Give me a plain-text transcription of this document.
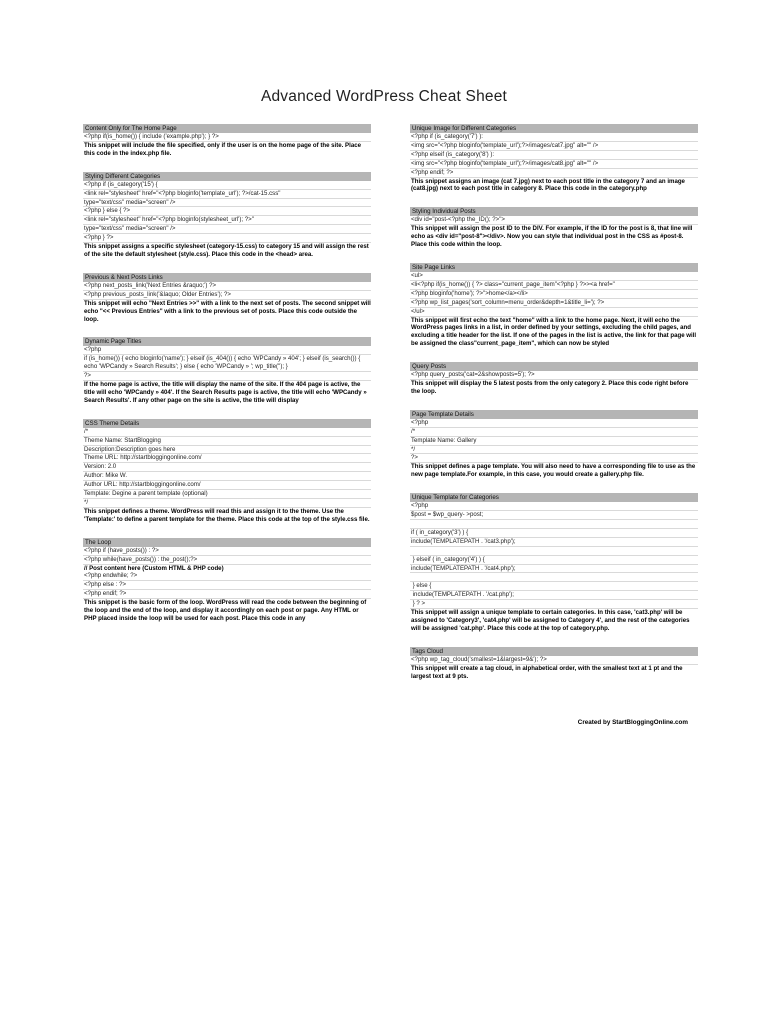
Advanced WordPress Cheat Sheet
Content Only for The Home Page
<?php if(is_home()) { include ('example.php'); } ?>
This snippet will include the file specified, only if the user is on the home page of the site. Place this code in the index.php file.
Styling Different Categories
<?php if (is_category('15') {
<link rel="stylesheet" href="<?php bloginfo('template_url'); ?>/cat-15.css"
type="text/css" media="screen" />
<?php } else { ?>
<link rel="stylesheet" href="<?php bloginfo(stylesheet_url'); ?>"
type="text/css" media="screen" />
<?php } ?>
This snippet assigns a specific stylesheet (category-15.css) to category 15 and will assign the rest of the site the default stylesheet (style.css). Place this code in the <head> area.
Previous & Next Posts Links
<?php next_posts_link('Next Entries &raquo;') ?>
<?php previous_posts_link('&laquo; Older Entries'); ?>
This snippet will echo "Next Entries >>" with a link to the next set of posts. The second snippet will echo "<< Previous Entries" with a link to the previous set of posts. Place this code outside the loop.
Dynamic Page Titles
<?php
if (is_home()) { echo bloginfo('name'); } elseif (is_404()) { echo 'WPCandy » 404'; } elseif (is_search()) { echo 'WPCandy » Search Results'; } else { echo 'WPCandy » '; wp_title(''); }
?>
If the home page is active, the title will display the name of the site. If the 404 page is active, the title will echo 'WPCandy » 404'. If the Search Results page is active, the title will echo 'WPCandy » Search Results'. If any other page on the site is active, the title will display
CSS Theme Details
/*
Theme Name: StartBlogging
Description:Description goes here
Theme URL: http://startbloggingonline.com/
Version: 2.0
Author: Mike W.
Author URL: http://startbloggingonline.com/
Template: Degine a parent template (optional)
*/
This snippet defines a theme. WordPress will read this and assign it to the theme. Use the 'Template:' to define a parent template for the theme. Place this code at the top of the style.css file.
The Loop
<?php if (have_posts()) : ?>
<?php while(have_posts()) : the_post();?>
// Post content here (Custom HTML & PHP code)
<?php endwhile; ?>
<?php else : ?>
<?php endif; ?>
This snippet is the basic form of the loop. WordPress will read the code between the beginning of the loop and the end of the loop, and display it accordingly on each post or page. Any HTML or PHP placed inside the loop will be used for each post. Place this code in any
Unique Image for Different Categories
<?php if (is_category('7') ):
<img src="<?php bloginfo('template_url');?>/images/cat7.jpg" alt="" />
<?php elseif (is_category('8') ):
<img src="<?php bloginfo('template_url');?>/images/cat8.jpg" alt="" />
<?php endif; ?>
This snippet assigns an image (cat 7.jpg) next to each post title in the category 7 and an image (cat8.jpg) next to each post title in category 8. Place this code in the category.php
Styling Individual Posts
<div id="post-<?php the_ID(); ?>">
This snippet will assign the post ID to the DIV. For example, if the ID for the post is 8, that line will echo as <div id="post-8"></div>. Now you can style that individual post in the CSS as #post-8. Place this code within the loop.
Site Page Links
<ul>
<li<?php if(is_home()) { ?> class="current_page_item"<?php } ?>><a href="
<?php bloginfo('home'); ?>">home</a></li>
<?php wp_list_pages('sort_column=menu_order&depth=1&title_li='); ?>
</ul>
This snippet will first echo the text "home" with a link to the home page. Next, it will echo the WordPress pages links in a list, in order defined by your settings, excluding the child pages, and excluding a title header for the list. If one of the pages in the list is active, the link for that page will be assigned the class"current_page_item", which can now be styled
Query Posts
<?php query_posts('cat=2&showposts=5'); ?>
This snippet will display the 5 latest posts from the only category 2. Place this code right before the loop.
Page Template Details
<?php
/*
Template Name: Gallery
*/
?>
This snippet defines a page template. You will also need to have a corresponding file to use as the new page template.For example, in this case, you would create a gallery.php file.
Unique Template for Categories
<?php
$post = $wp_query- >post;
if ( in_category('3') ) {
include(TEMPLATEPATH . '/cat3.php');
} elseif ( in_category('4') ) {
include(TEMPLATEPATH . '/cat4.php');
} else {
include(TEMPLATEPATH . '/cat.php');
} ? >
This snippet will assign a unique template to certain categories. In this case, 'cat3.php' will be assigned to 'Category3', 'cat4.php' will be assigned to Category 4', and the rest of the categories will be assigned 'cat.php'. Place this code at the top of category.php.
Tags Cloud
<?php wp_tag_cloud('smallest=1&largest=9&'); ?>
This snippet will create a tag cloud, in alphabetical order, with the smallest text at 1 pt and the largest text at 9 pts.
Created by StartBloggingOnline.com
